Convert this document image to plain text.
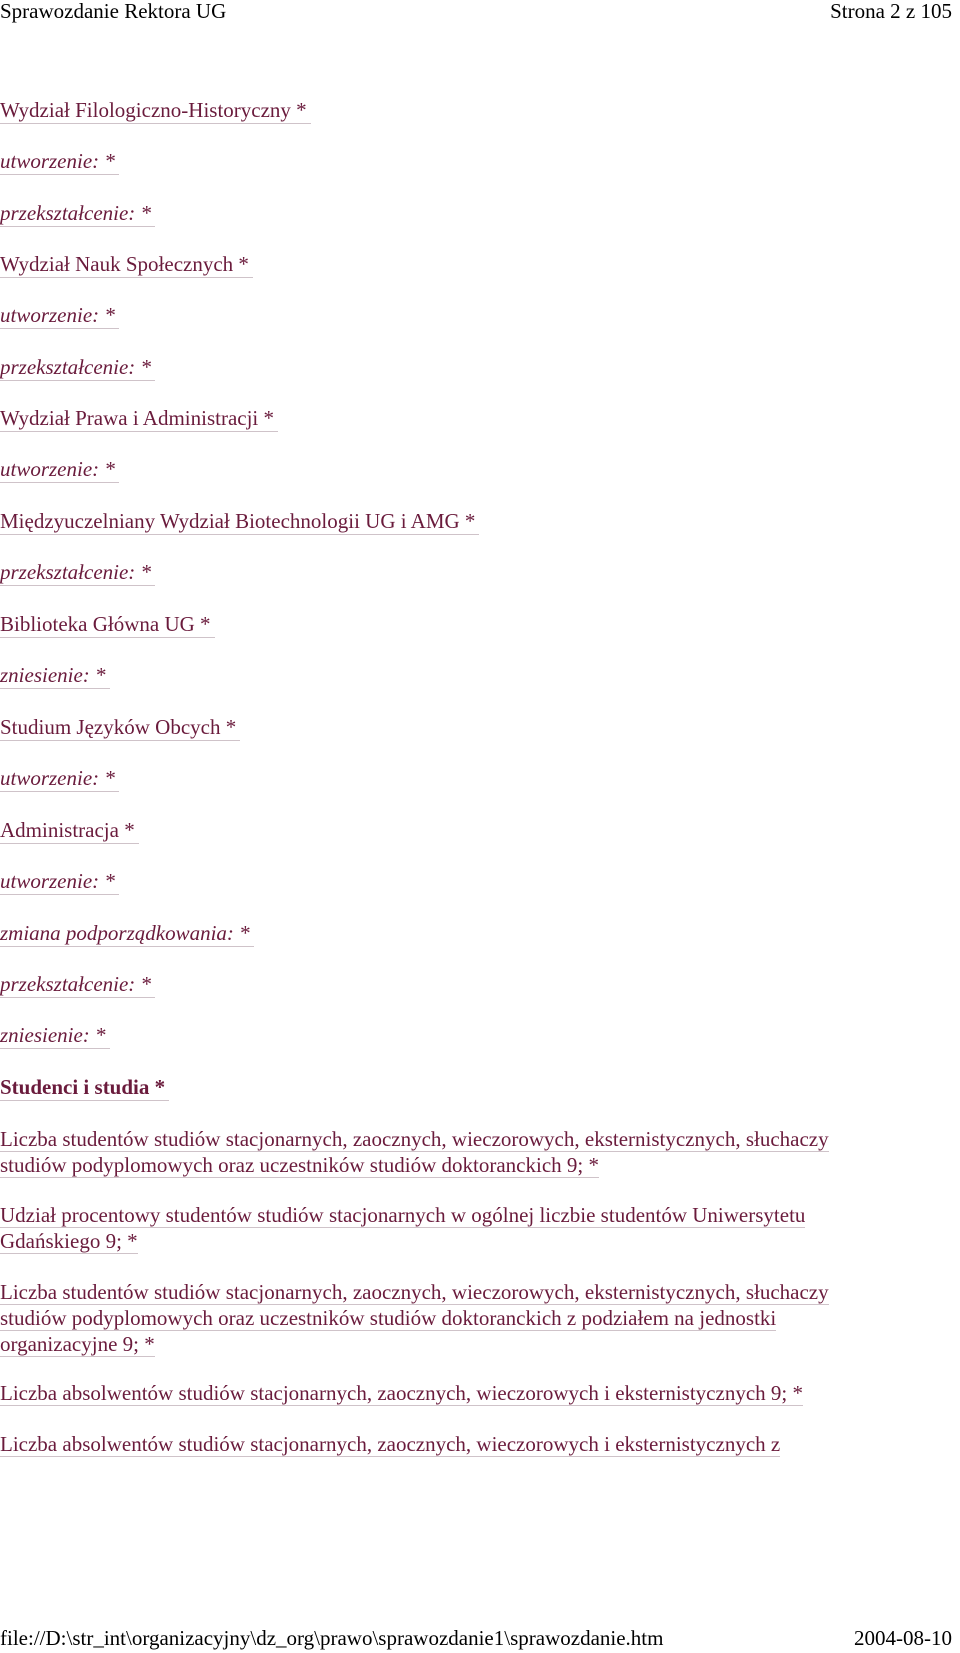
Sprawozdanie Rektora UG	Strona 2 z 105
Wydział Filologiczno-Historyczny *
utworzenie: *
przekształcenie: *
Wydział Nauk Społecznych *
utworzenie: *
przekształcenie: *
Wydział Prawa i Administracji *
utworzenie: *
Międzyuczelniany Wydział Biotechnologii UG i AMG *
przekształcenie: *
Biblioteka Główna UG *
zniesienie: *
Studium Języków Obcych *
utworzenie: *
Administracja *
utworzenie: *
zmiana podporządkowania: *
przekształcenie: *
zniesienie: *
Studenci i studia *
Liczba studentów studiów stacjonarnych, zaocznych, wieczorowych, eksternistycznych, słuchaczy
studiów podyplomowych oraz uczestników studiów doktoranckich 9; *
Udział procentowy studentów studiów stacjonarnych w ogólnej liczbie studentów Uniwersytetu
Gdańskiego 9; *
Liczba studentów studiów stacjonarnych, zaocznych, wieczorowych, eksternistycznych, słuchaczy
studiów podyplomowych oraz uczestników studiów doktoranckich z podziałem na jednostki
organizacyjne 9; *
Liczba absolwentów studiów stacjonarnych, zaocznych, wieczorowych i eksternistycznych 9; *
Liczba absolwentów studiów stacjonarnych, zaocznych, wieczorowych i eksternistycznych z
file://D:\str_int\organizacyjny\dz_org\prawo\sprawozdanie1\sprawozdanie.htm	2004-08-10
